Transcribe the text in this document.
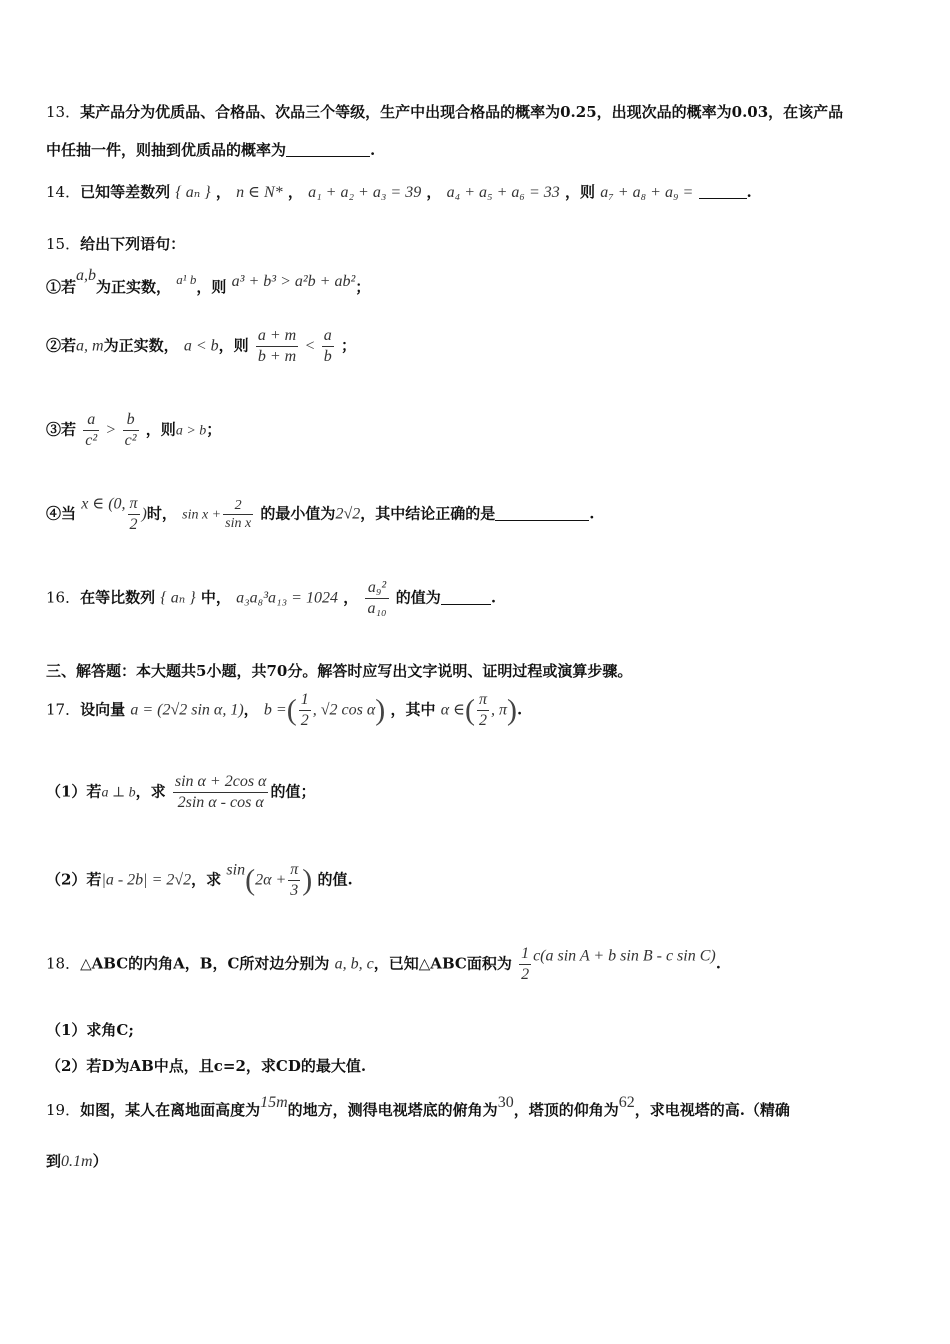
13．某产品分为优质品、合格品、次品三个等级，生产中出现合格品的概率为0.25，出现次品的概率为0.03，在该产品
中任抽一件，则抽到优质品的概率为	.
14．已知等差数列 { aₙ } ， n ∈ N* ， a₁ + a₂ + a₃ = 39 ， a₄ + a₅ + a₆ = 33 ，则 a₇ + a₈ + a₉ =	.
15．给出下列语句：
①若a,b为正实数， a¹ b，则 a³ + b³ > a²b + ab²；
②若a, m为正实数， a < b，则 $\frac{a + m}{b + m} < \frac{a}{b}$ ；
③若 $\frac{a}{\text{c²}} > \frac{b}{\text{c²}}$ ，则a > b；
④当 x ∈ (0, $\frac{\pi}{2}$ )时， $\sin x + \frac{2}{\text{sin x}}$ 的最小值为2√2，其中结论正确的是	.
16．在等比数列 { aₙ } 中， a₃a₈³a₁₃ = 1024 ， $\frac{\text{a₉²}}{\text{a₁₀}}$ 的值为	.
三、解答题：本大题共5小题，共70分。解答时应写出文字说明、证明过程或演算步骤。
17．设向量 a = (2√2 sin α, 1)， b =( $\frac{1}{2}$ , √2 cos α) ，其中 α ∈( $\frac{\pi}{2}$ , π).
（1）若a ⊥ b，求 $\frac{\text{sin α + 2cos α}}{\text{2sin α - cos α}}$ 的值；
（2）若|a - 2b| = 2√2，求 $\sin(2\alpha + \frac{\pi}{3}$ ) 的值.
18．△ABC的内角A，B，C所对边分别为 a, b, c，已知△ABC面积为 $\frac{1}{2} c(a$ sin A + b sin B - c sin C).
（1）求角C;
（2）若D为AB中点，且c=2，求CD的最大值.
19．如图，某人在离地面高度为15m的地方，测得电视塔底的俯角为30，塔顶的仰角为62，求电视塔的高.（精确
到0.1m）
